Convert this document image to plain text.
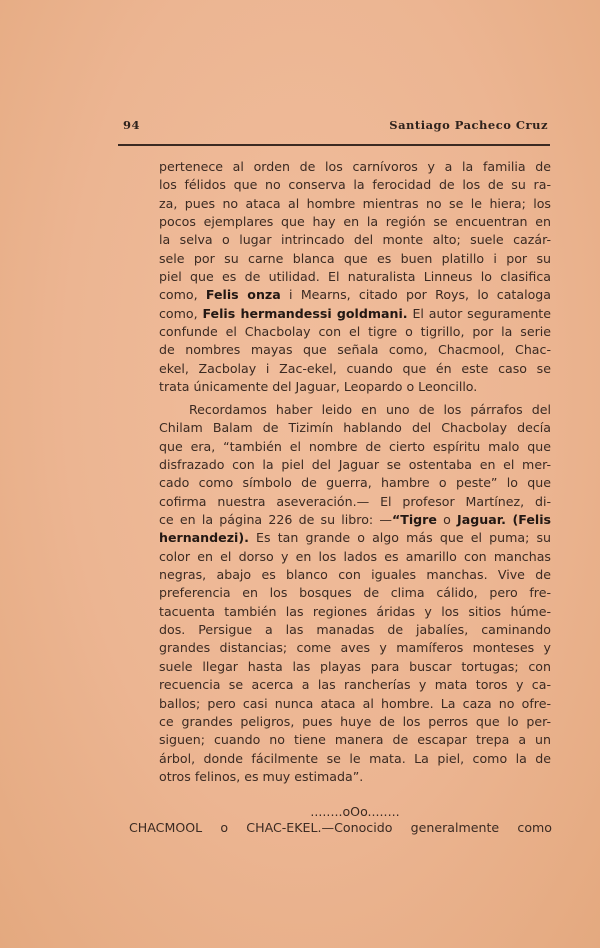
94	Santiago Pacheco Cruz
pertenece al orden de los carnívoros y a la familia de
los félidos que no conserva la ferocidad de los de su ra-
za, pues no ataca al hombre mientras no se le hiera; los
pocos ejemplares que hay en la región se encuentran en
la selva o lugar intrincado del monte alto; suele cazár-
sele por su carne blanca que es buen platillo i por su
piel que es de utilidad. El naturalista Linneus lo clasifica
como, Felis onza i Mearns, citado por Roys, lo cataloga
como, Felis hermandessi goldmani. El autor seguramente
confunde el Chacbolay con el tigre o tigrillo, por la serie
de nombres mayas que señala como, Chacmool, Chac-
ekel, Zacbolay i Zac-ekel, cuando que én este caso se
trata únicamente del Jaguar, Leopardo o Leoncillo.
Recordamos haber leido en uno de los párrafos del
Chilam Balam de Tizimín hablando del Chacbolay decía
que era, “también el nombre de cierto espíritu malo que
disfrazado con la piel del Jaguar se ostentaba en el mer-
cado como símbolo de guerra, hambre o peste” lo que
cofirma nuestra aseveración.— El profesor Martínez, di-
ce en la página 226 de su libro: —“Tigre o Jaguar. (Felis
hernandezi). Es tan grande o algo más que el puma; su
color en el dorso y en los lados es amarillo con manchas
negras, abajo es blanco con iguales manchas. Vive de
preferencia en los bosques de clima cálido, pero fre-
tacuenta también las regiones áridas y los sitios húme-
dos. Persigue a las manadas de jabalíes, caminando
grandes distancias; come aves y mamíferos monteses y
suele llegar hasta las playas para buscar tortugas; con
recuencia se acerca a las rancherías y mata toros y ca-
ballos; pero casi nunca ataca al hombre. La caza no ofre-
ce grandes peligros, pues huye de los perros que lo per-
siguen; cuando no tiene manera de escapar trepa a un
árbol, donde fácilmente se le mata. La piel, como la de
otros felinos, es muy estimada”.
........oOo........
CHACMOOL o CHAC-EKEL.—Conocido generalmente como
